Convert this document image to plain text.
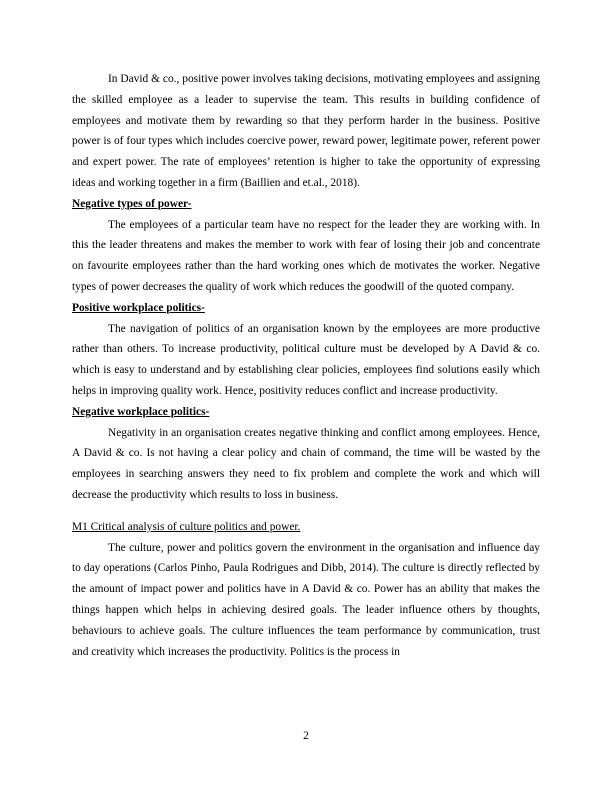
In David & co., positive power involves taking decisions, motivating employees and assigning the skilled employee as a leader to supervise the team. This results in building confidence of employees and motivate them by rewarding so that they perform harder in the business. Positive power is of four types which includes coercive power, reward power, legitimate power, referent power and expert power. The rate of employees’ retention is higher to take the opportunity of expressing ideas and working together in a firm (Baillien and et.al., 2018).

Negative types of power-

The employees of a particular team have no respect for the leader they are working with. In this the leader threatens and makes the member to work with fear of losing their job and concentrate on favourite employees rather than the hard working ones which de motivates the worker. Negative types of power decreases the quality of work which reduces the goodwill of the quoted company.

Positive workplace politics-

The navigation of politics of an organisation known by the employees are more productive rather than others. To increase productivity, political culture must be developed by A David & co. which is easy to understand and by establishing clear policies, employees find solutions easily which helps in improving quality work. Hence, positivity reduces conflict and increase productivity.

Negative workplace politics-

Negativity in an organisation creates negative thinking and conflict among employees. Hence, A David & co. Is not having a clear policy and chain of command, the time will be wasted by the employees in searching answers they need to fix problem and complete the work and which will decrease the productivity which results to loss in business.

M1 Critical analysis of culture politics and power.

The culture, power and politics govern the environment in the organisation and influence day to day operations (Carlos Pinho, Paula Rodrigues and Dibb, 2014). The culture is directly reflected by the amount of impact power and politics have in A David & co. Power has an ability that makes the things happen which helps in achieving desired goals. The leader influence others by thoughts, behaviours to achieve goals. The culture influences the team performance by communication, trust and creativity which increases the productivity. Politics is the process in

2
